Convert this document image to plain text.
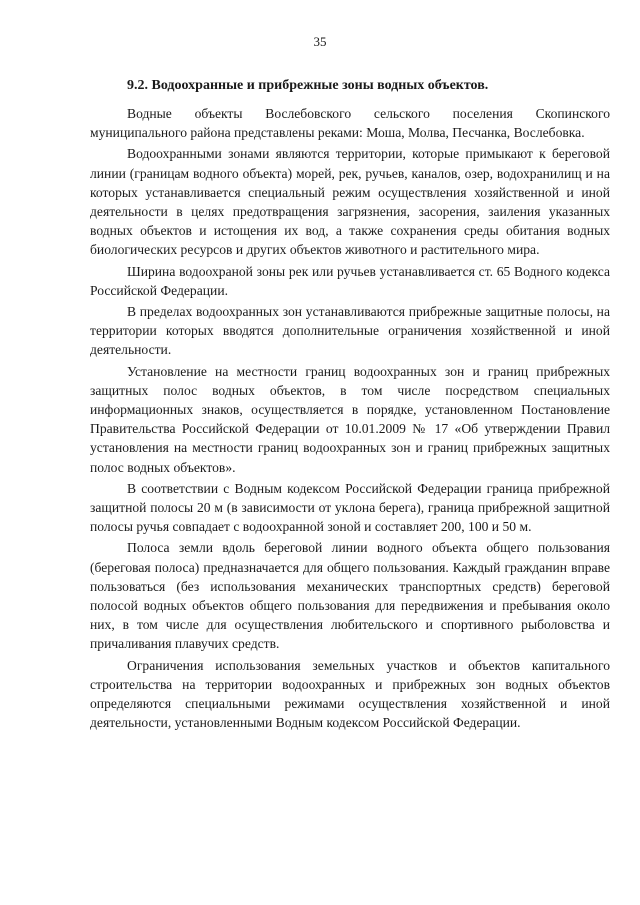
35
9.2. Водоохранные и прибрежные зоны водных объектов.

Водные объекты Вослебовского сельского поселения Скопинского муниципального района представлены реками: Моша, Молва, Песчанка, Вослебовка.

Водоохранными зонами являются территории, которые примыкают к береговой линии (границам водного объекта) морей, рек, ручьев, каналов, озер, водохранилищ и на которых устанавливается специальный режим осуществления хозяйственной и иной деятельности в целях предотвращения загрязнения, засорения, заиления указанных водных объектов и истощения их вод, а также сохранения среды обитания водных биологических ресурсов и других объектов животного и растительного мира.

Ширина водоохраной зоны рек или ручьев устанавливается ст. 65 Водного кодекса Российской Федерации.

В пределах водоохранных зон устанавливаются прибрежные защитные полосы, на территории которых вводятся дополнительные ограничения хозяйственной и иной деятельности.

Установление на местности границ водоохранных зон и границ прибрежных защитных полос водных объектов, в том числе посредством специальных информационных знаков, осуществляется в порядке, установленном Постановление Правительства Российской Федерации от 10.01.2009 № 17 «Об утверждении Правил установления на местности границ водоохранных зон и границ прибрежных защитных полос водных объектов».

В соответствии с Водным кодексом Российской Федерации граница прибрежной защитной полосы 20 м (в зависимости от уклона берега), граница прибрежной защитной полосы ручья совпадает с водоохранной зоной и составляет 200, 100 и 50 м.

Полоса земли вдоль береговой линии водного объекта общего пользования (береговая полоса) предназначается для общего пользования. Каждый гражданин вправе пользоваться (без использования механических транспортных средств) береговой полосой водных объектов общего пользования для передвижения и пребывания около них, в том числе для осуществления любительского и спортивного рыболовства и причаливания плавучих средств.

Ограничения использования земельных участков и объектов капитального строительства на территории водоохранных и прибрежных зон водных объектов определяются специальными режимами осуществления хозяйственной и иной деятельности, установленными Водным кодексом Российской Федерации.
